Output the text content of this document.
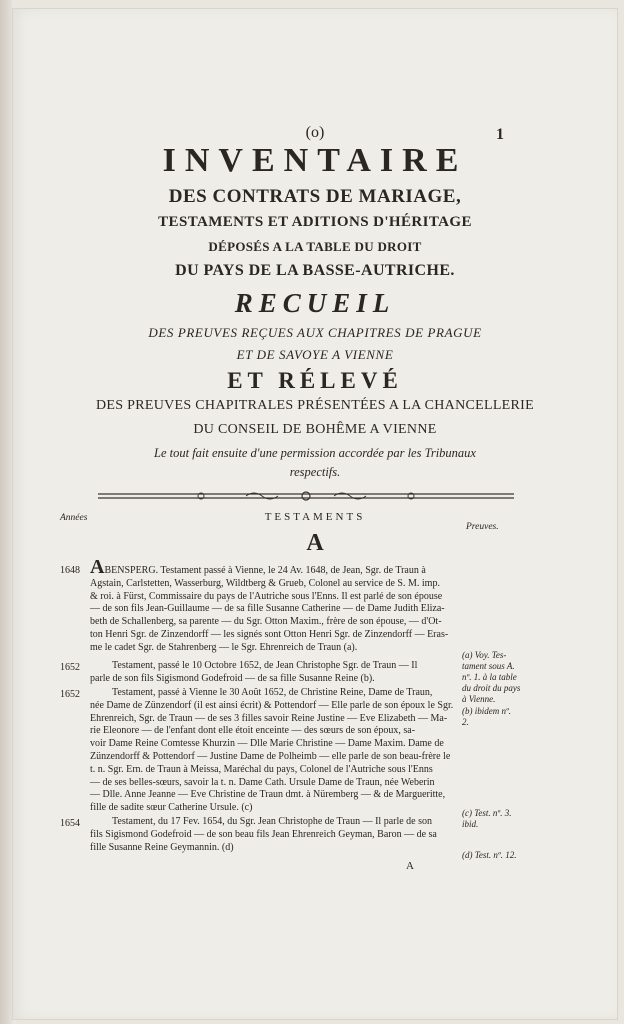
(o)	1
INVENTAIRE
DES CONTRATS DE MARIAGE,
TESTAMENTS ET ADITIONS D'HÉRITAGE
DÉPOSÉS A LA TABLE DU DROIT
DU PAYS DE LA BASSE-AUTRICHE.
RECUEIL
DES PREUVES REÇUES AUX CHAPITRES DE PRAGUE
ET DE SAVOYE A VIENNE
ET RÉLEVÉ
DES PREUVES CHAPITRALES PRÉSENTÉES A LA CHANCELLERIE
DU CONSEIL DE BOHÊME A VIENNE
Le tout fait ensuite d'une permission accordée par les Tribunaux
respectifs.
Années	TESTAMENTS
Preuves.
A
1648 ABENSPERG. Testament passé à Vienne, le 24 Av. 1648, de Jean, Sgr. de Traun à

Agstain, Carlstetten, Wasserburg, Wildtberg & Grueb, Colonel au service de S. M. imp.

& roi. à Fürst, Commissaire du pays de l'Autriche sous l'Enns. Il est parlé de son épouse

— de son fils Jean-Guillaume — de sa fille Susanne Catherine — de Dame Judith Eliza-

beth de Schallenberg, sa parente — du Sgr. Otton Maxim., frère de son épouse, — d'Ot-

ton Henri Sgr. de Zinzendorff — les signés sont Otton Henri Sgr. de Zinzendorff — Eras-

me le cadet Sgr. de Stahrenberg — le Sgr. Ehrenreich de Traun (a).

1652	Testament, passé le 10 Octobre 1652, de Jean Christophe Sgr. de Traun — Il

parle de son fils Sigismond Godefroid — de sa fille Susanne Reine (b).

1652	Testament, passé à Vienne le 30 Août 1652, de Christine Reine, Dame de Traun,

née Dame de Zünzendorf (il est ainsi écrit) & Pottendorf — Elle parle de son époux le Sgr.

Ehrenreich, Sgr. de Traun — de ses 3 filles savoir Reine Justine — Eve Elizabeth — Ma-

rie Eleonore — de l'enfant dont elle étoit enceinte — des sœurs de son époux, sa-

voir Dame Reine Comtesse Khurzin — Dlle Marie Christine — Dame Maxim. Dame de

Zünzendorff & Pottendorf — Justine Dame de Polheimb — elle parle de son beau-frère le

t. n. Sgr. Ern. de Traun à Meissa, Maréchal du pays, Colonel de l'Autriche sous l'Enns

— de ses belles-sœurs, savoir la t. n. Dame Cath. Ursule Dame de Traun, née Weberin

— Dlle. Anne Jeanne — Eve Christine de Traun dmt. à Nüremberg — & de Margueritte,

fille de sadite sœur Catherine Ursule. (c)

1654	Testament, du 17 Fev. 1654, du Sgr. Jean Christophe de Traun — Il parle de son

fils Sigismond Godefroid — de son beau fils Jean Ehrenreich Geyman, Baron — de sa

fille Susanne Reine Geymannin. (d)

(a) Voy. Tes-
tament sous A.
nº. 1. à la table
du droit du pays
à Vienne.
(b) ibidem nº.
2.
(c) Test. nº. 3.
ibid.
(d) Test. nº. 12.
A
